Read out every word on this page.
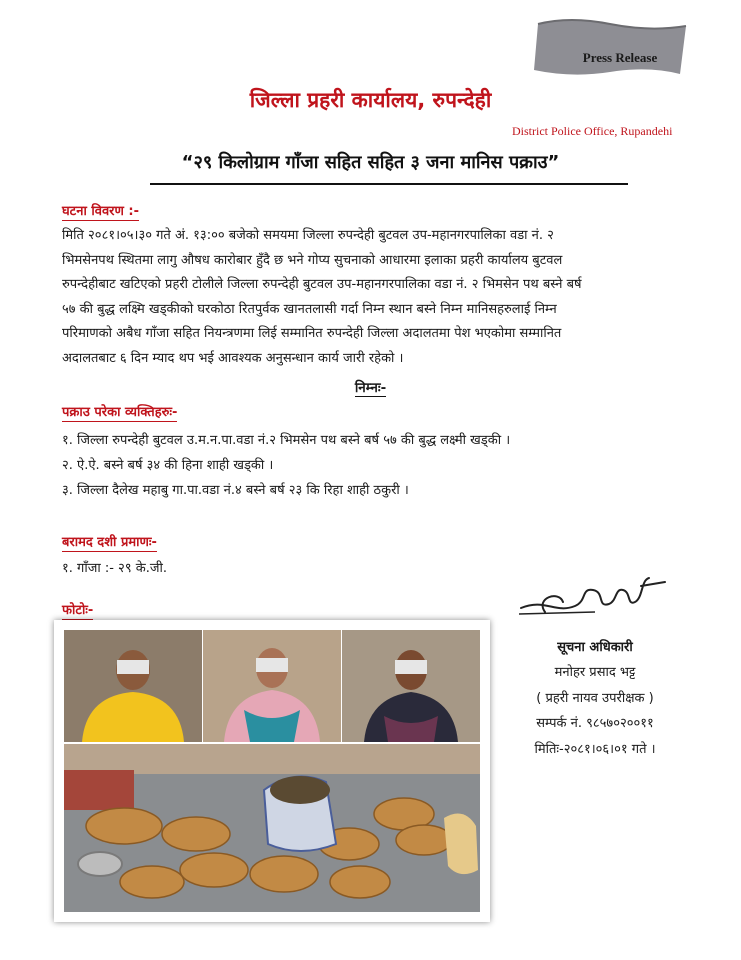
Press Release
जिल्ला प्रहरी कार्यालय, रुपन्देही
District Police Office, Rupandehi
“२९ किलोग्राम गाँजा सहित सहित ३ जना मानिस पक्राउ”
घटना विवरण :-
मिति २०८१।०५।३० गते अं. १३:०० बजेको समयमा जिल्ला रुपन्देही बुटवल उप-महानगरपालिका वडा नं. २
भिमसेनपथ स्थितमा लागु औषध कारोबार हुँदै छ भने गोप्य सुचनाको आधारमा इलाका प्रहरी कार्यालय बुटवल
रुपन्देहीबाट खटिएको प्रहरी टोलीले जिल्ला रुपन्देही बुटवल उप-महानगरपालिका वडा नं. २ भिमसेन पथ बस्ने बर्ष
५७ की बुद्ध लक्ष्मि खड्कीको घरकोठा रितपुर्वक खानतलासी गर्दा निम्न स्थान बस्ने निम्न मानिसहरुलाई निम्न
परिमाणको अबैध गाँजा सहित नियन्त्रणमा लिई सम्मानित रुपन्देही जिल्ला अदालतमा पेश भएकोमा सम्मानित
अदालतबाट ६ दिन म्याद थप भई आवश्यक अनुसन्धान कार्य जारी रहेको ।
निम्नः-
पक्राउ परेका व्यक्तिहरुः-
१. जिल्ला रुपन्देही बुटवल उ.म.न.पा.वडा नं.२ भिमसेन पथ बस्ने बर्ष ५७ की बुद्ध लक्ष्मी खड्की ।
२. ऐ.ऐ. बस्ने बर्ष ३४ की हिना शाही खड्की ।
३. जिल्ला दैलेख महाबु गा.पा.वडा नं.४ बस्ने बर्ष २३ कि रिहा शाही ठकुरी ।
बरामद दशी प्रमाणः-
१. गाँजा :- २९ के.जी.
फोटोः-
सूचना अधिकारी
मनोहर प्रसाद भट्ट
( प्रहरी नायव उपरीक्षक )
सम्पर्क नं. ९८५७०२००११
मितिः-२०८१।०६।०१ गते ।
